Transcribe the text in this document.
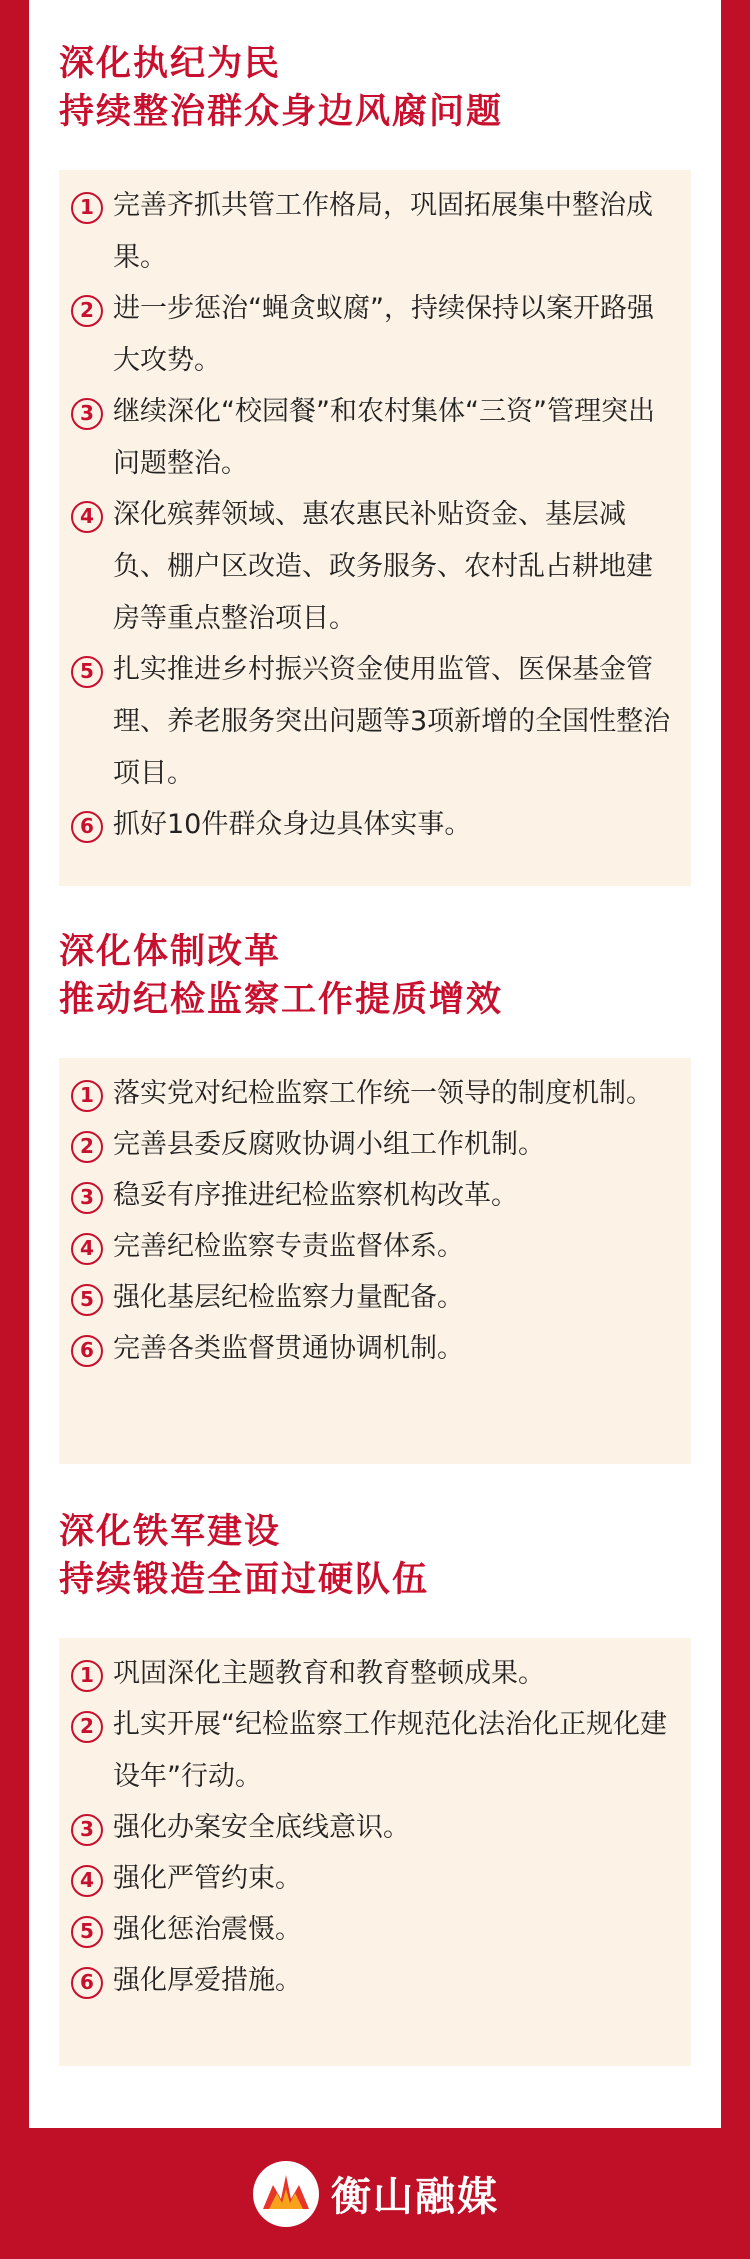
深化执纪为民
持续整治群众身边风腐问题
1 完善齐抓共管工作格局，巩固拓展集中整治成果。
2 进一步惩治“蝇贪蚁腐”，持续保持以案开路强大攻势。
3 继续深化“校园餐”和农村集体“三资”管理突出问题整治。
4 深化殡葬领域、惠农惠民补贴资金、基层减负、棚户区改造、政务服务、农村乱占耕地建房等重点整治项目。
5 扎实推进乡村振兴资金使用监管、医保基金管理、养老服务突出问题等3项新增的全国性整治项目。
6 抓好10件群众身边具体实事。
深化体制改革
推动纪检监察工作提质增效
1 落实党对纪检监察工作统一领导的制度机制。
2 完善县委反腐败协调小组工作机制。
3 稳妥有序推进纪检监察机构改革。
4 完善纪检监察专责监督体系。
5 强化基层纪检监察力量配备。
6 完善各类监督贯通协调机制。
深化铁军建设
持续锻造全面过硬队伍
1 巩固深化主题教育和教育整顿成果。
2 扎实开展“纪检监察工作规范化法治化正规化建设年”行动。
3 强化办案安全底线意识。
4 强化严管约束。
5 强化惩治震慑。
6 强化厚爱措施。
衡山融媒
